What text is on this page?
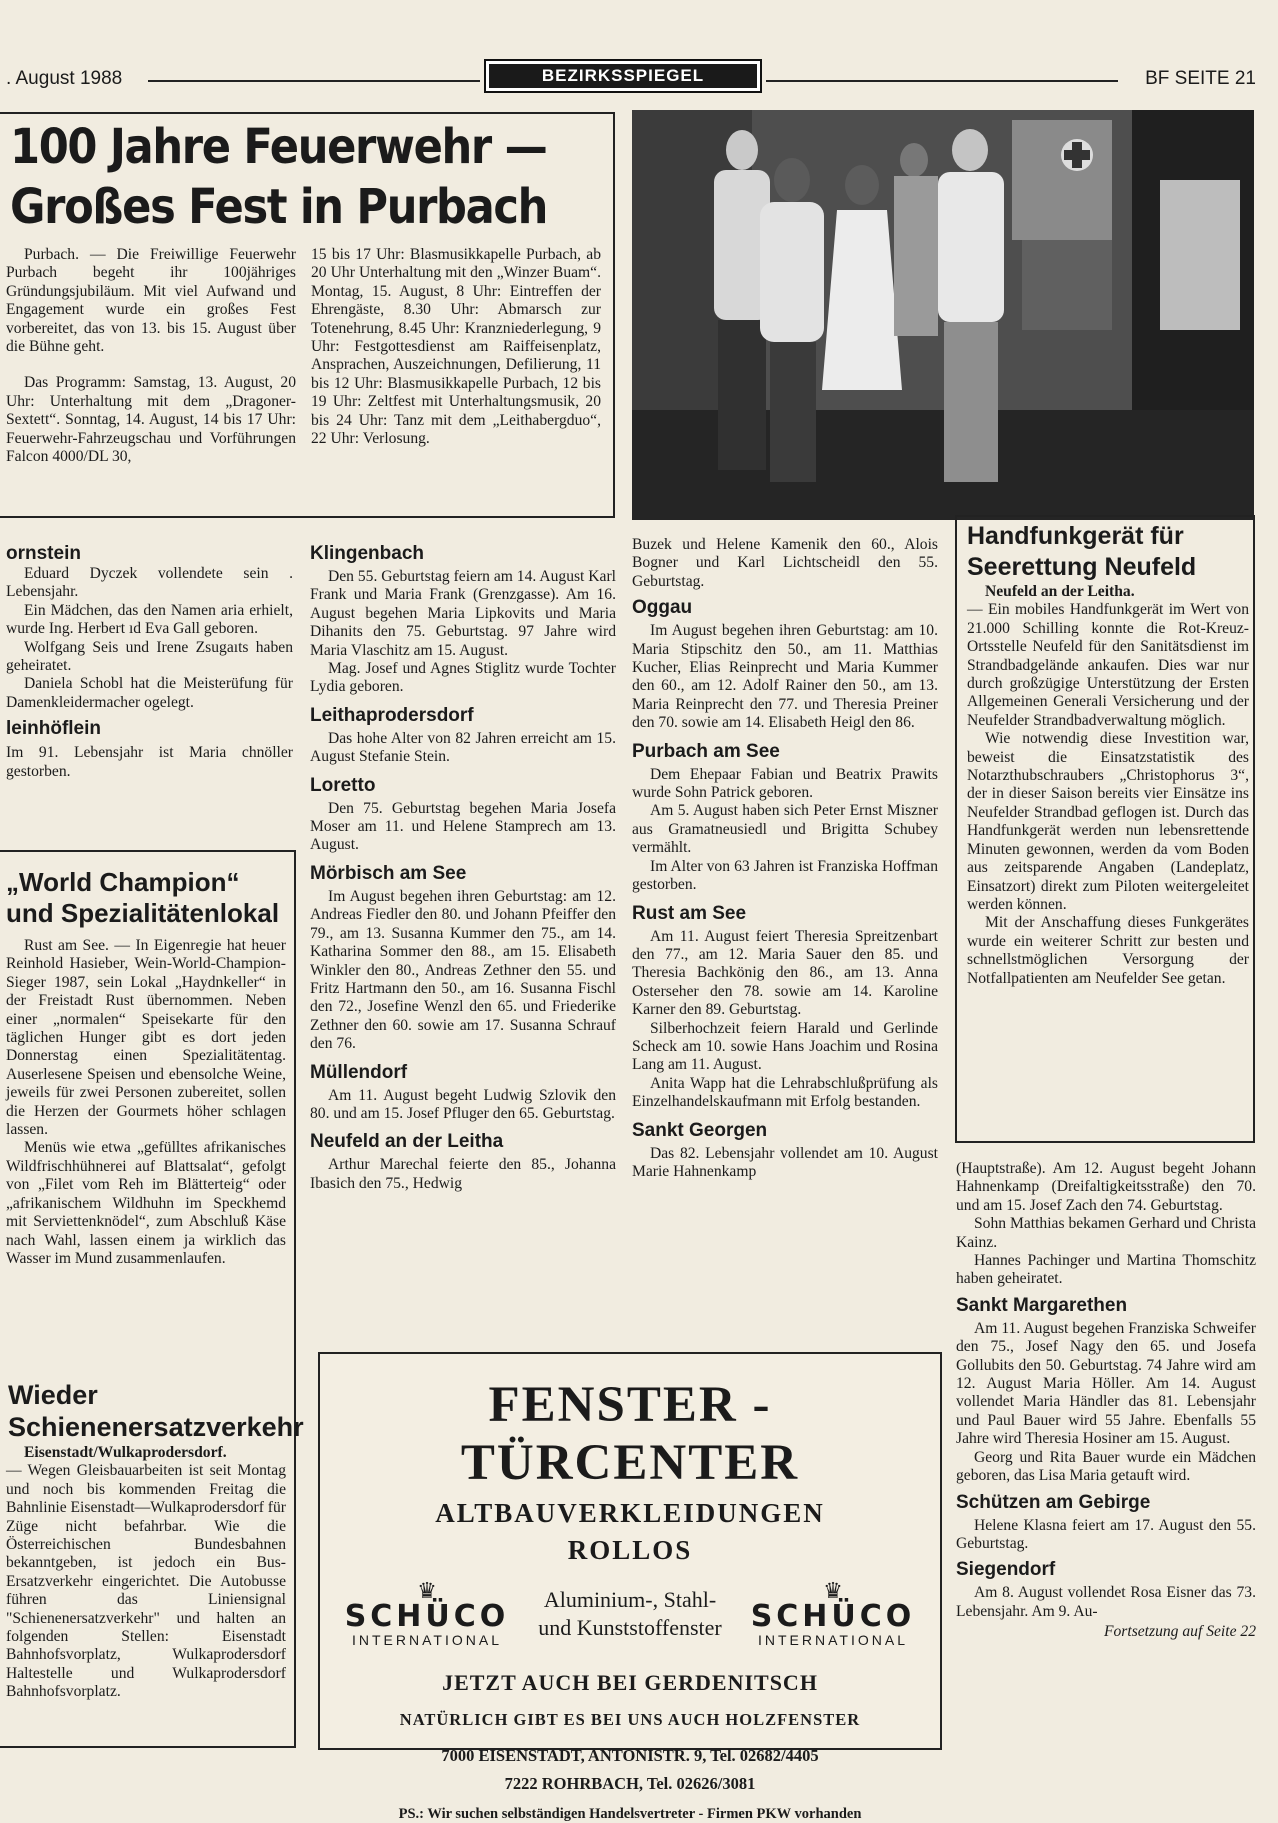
. August 1988	BEZIRKSSPIEGEL	BF SEITE 21
100 Jahre Feuerwehr —
Großes Fest in Purbach

Purbach. — Die Freiwillige Feuerwehr Purbach begeht ihr 100jähriges Gründungsjubiläum. Mit viel Aufwand und Engagement wurde ein großes Fest vorbereitet, das von 13. bis 15. August über die Bühne geht.

Das Programm: Samstag, 13. August, 20 Uhr: Unterhaltung mit dem „Dragoner-Sextett“. Sonntag, 14. August, 14 bis 17 Uhr: Feuerwehr-Fahrzeugschau und Vorführungen Falcon 4000/DL 30,

15 bis 17 Uhr: Blasmusikkapelle Purbach, ab 20 Uhr Unterhaltung mit den „Winzer Buam“. Montag, 15. August, 8 Uhr: Eintreffen der Ehrengäste, 8.30 Uhr: Abmarsch zur Totenehrung, 8.45 Uhr: Kranzniederlegung, 9 Uhr: Festgottesdienst am Raiffeisenplatz, Ansprachen, Auszeichnungen, Defilierung, 11 bis 12 Uhr: Blasmusikkapelle Purbach, 12 bis 19 Uhr: Zeltfest mit Unterhaltungsmusik, 20 bis 24 Uhr: Tanz mit dem „Leithabergduo“, 22 Uhr: Verlosung.

ornstein

Eduard Dyczek vollendete sein . Lebensjahr.

Ein Mädchen, das den Namen aria erhielt, wurde Ing. Herbert ıd Eva Gall geboren.

Wolfgang Seis und Irene Zsugaıts haben geheiratet.

Daniela Schobl hat die Meisterüfung für Damenkleidermacher ogelegt.

leinhöflein

Im 91. Lebensjahr ist Maria chnöller gestorben.

„World Champion“ und Spezialitätenlokal

Rust am See. — In Eigenregie hat heuer Reinhold Hasieber, Wein-World-Champion-Sieger 1987, sein Lokal „Haydnkeller“ in der Freistadt Rust übernommen. Neben einer „normalen“ Speisekarte für den täglichen Hunger gibt es dort jeden Donnerstag einen Spezialitätentag. Auserlesene Speisen und ebensolche Weine, jeweils für zwei Personen zubereitet, sollen die Herzen der Gourmets höher schlagen lassen.

Menüs wie etwa „gefülltes afrikanisches Wildfrischhühnerei auf Blattsalat“, gefolgt von „Filet vom Reh im Blätterteig“ oder „afrikanischem Wildhuhn im Speckhemd mit Serviettenknödel“, zum Abschluß Käse nach Wahl, lassen einem ja wirklich das Wasser im Mund zusammenlaufen.

Wieder Schienenersatzverkehr

Eisenstadt/Wulkaprodersdorf.

— Wegen Gleisbauarbeiten ist seit Montag und noch bis kommenden Freitag die Bahnlinie Eisenstadt—Wulkaprodersdorf für Züge nicht befahrbar. Wie die Österreichischen Bundesbahnen bekanntgeben, ist jedoch ein Bus-Ersatzverkehr eingerichtet. Die Autobusse führen das Liniensignal "Schienenersatzverkehr" und halten an folgenden Stellen: Eisenstadt Bahnhofsvorplatz, Wulkaprodersdorf Haltestelle und Wulkaprodersdorf Bahnhofsvorplatz.

Klingenbach

Den 55. Geburtstag feiern am 14. August Karl Frank und Maria Frank (Grenzgasse). Am 16. August begehen Maria Lipkovits und Maria Dihanits den 75. Geburtstag. 97 Jahre wird Maria Vlaschitz am 15. August.

Mag. Josef und Agnes Stiglitz wurde Tochter Lydia geboren.

Leithaprodersdorf

Das hohe Alter von 82 Jahren erreicht am 15. August Stefanie Stein.

Loretto

Den 75. Geburtstag begehen Maria Josefa Moser am 11. und Helene Stamprech am 13. August.

Mörbisch am See

Im August begehen ihren Geburtstag: am 12. Andreas Fiedler den 80. und Johann Pfeiffer den 79., am 13. Susanna Kummer den 75., am 14. Katharina Sommer den 88., am 15. Elisabeth Winkler den 80., Andreas Zethner den 55. und Fritz Hartmann den 50., am 16. Susanna Fischl den 72., Josefine Wenzl den 65. und Friederike Zethner den 60. sowie am 17. Susanna Schrauf den 76.

Müllendorf

Am 11. August begeht Ludwig Szlovik den 80. und am 15. Josef Pfluger den 65. Geburtstag.

Neufeld an der Leitha

Arthur Marechal feierte den 85., Johanna Ibasich den 75., Hedwig

Buzek und Helene Kamenik den 60., Alois Bogner und Karl Lichtscheidl den 55. Geburtstag.

Oggau

Im August begehen ihren Geburtstag: am 10. Maria Stipschitz den 50., am 11. Matthias Kucher, Elias Reinprecht und Maria Kummer den 60., am 12. Adolf Rainer den 50., am 13. Maria Reinprecht den 77. und Theresia Preiner den 70. sowie am 14. Elisabeth Heigl den 86.

Purbach am See

Dem Ehepaar Fabian und Beatrix Prawits wurde Sohn Patrick geboren.

Am 5. August haben sich Peter Ernst Miszner aus Gramatneusiedl und Brigitta Schubey vermählt.

Im Alter von 63 Jahren ist Franziska Hoffman gestorben.

Rust am See

Am 11. August feiert Theresia Spreitzenbart den 77., am 12. Maria Sauer den 85. und Theresia Bachkönig den 86., am 13. Anna Osterseher den 78. sowie am 14. Karoline Karner den 89. Geburtstag.

Silberhochzeit feiern Harald und Gerlinde Scheck am 10. sowie Hans Joachim und Rosina Lang am 11. August.

Anita Wapp hat die Lehrabschlußprüfung als Einzelhandelskaufmann mit Erfolg bestanden.

Sankt Georgen

Das 82. Lebensjahr vollendet am 10. August Marie Hahnenkamp

Handfunkgerät für Seerettung Neufeld

Neufeld an der Leitha.

— Ein mobiles Handfunkgerät im Wert von 21.000 Schilling konnte die Rot-Kreuz-Ortsstelle Neufeld für den Sanitätsdienst im Strandbadgelände ankaufen. Dies war nur durch großzügige Unterstützung der Ersten Allgemeinen Generali Versicherung und der Neufelder Strandbadverwaltung möglich.

Wie notwendig diese Investition war, beweist die Einsatzstatistik des Notarzthubschraubers „Christophorus 3“, der in dieser Saison bereits vier Einsätze ins Neufelder Strandbad geflogen ist. Durch das Handfunkgerät werden nun lebensrettende Minuten gewonnen, werden da vom Boden aus zeitsparende Angaben (Landeplatz, Einsatzort) direkt zum Piloten weitergeleitet werden können.

Mit der Anschaffung dieses Funkgerätes wurde ein weiterer Schritt zur besten und schnellstmöglichen Versorgung der Notfallpatienten am Neufelder See getan.

(Hauptstraße). Am 12. August begeht Johann Hahnenkamp (Dreifaltigkeitsstraße) den 70. und am 15. Josef Zach den 74. Geburtstag.

Sohn Matthias bekamen Gerhard und Christa Kainz.

Hannes Pachinger und Martina Thomschitz haben geheiratet.

Sankt Margarethen

Am 11. August begehen Franziska Schweifer den 75., Josef Nagy den 65. und Josefa Gollubits den 50. Geburtstag. 74 Jahre wird am 12. August Maria Höller. Am 14. August vollendet Maria Händler das 81. Lebensjahr und Paul Bauer wird 55 Jahre. Ebenfalls 55 Jahre wird Theresia Hosiner am 15. August.

Georg und Rita Bauer wurde ein Mädchen geboren, das Lisa Maria getauft wird.

Schützen am Gebirge

Helene Klasna feiert am 17. August den 55. Geburtstag.

Siegendorf

Am 8. August vollendet Rosa Eisner das 73. Lebensjahr. Am 9. Au-

Fortsetzung auf Seite 22
FENSTER - TÜRCENTER
ALTBAUVERKLEIDUNGEN
ROLLOS
♛
SCHÜCO
INTERNATIONAL
Aluminium-, Stahl-
und Kunststoffenster
♛
SCHÜCO
INTERNATIONAL
JETZT AUCH BEI GERDENITSCH
NATÜRLICH GIBT ES BEI UNS AUCH HOLZFENSTER
7000 EISENSTADT, ANTONISTR. 9, Tel. 02682/4405
7222 ROHRBACH, Tel. 02626/3081
PS.: Wir suchen selbständigen Handelsvertreter - Firmen PKW vorhanden
